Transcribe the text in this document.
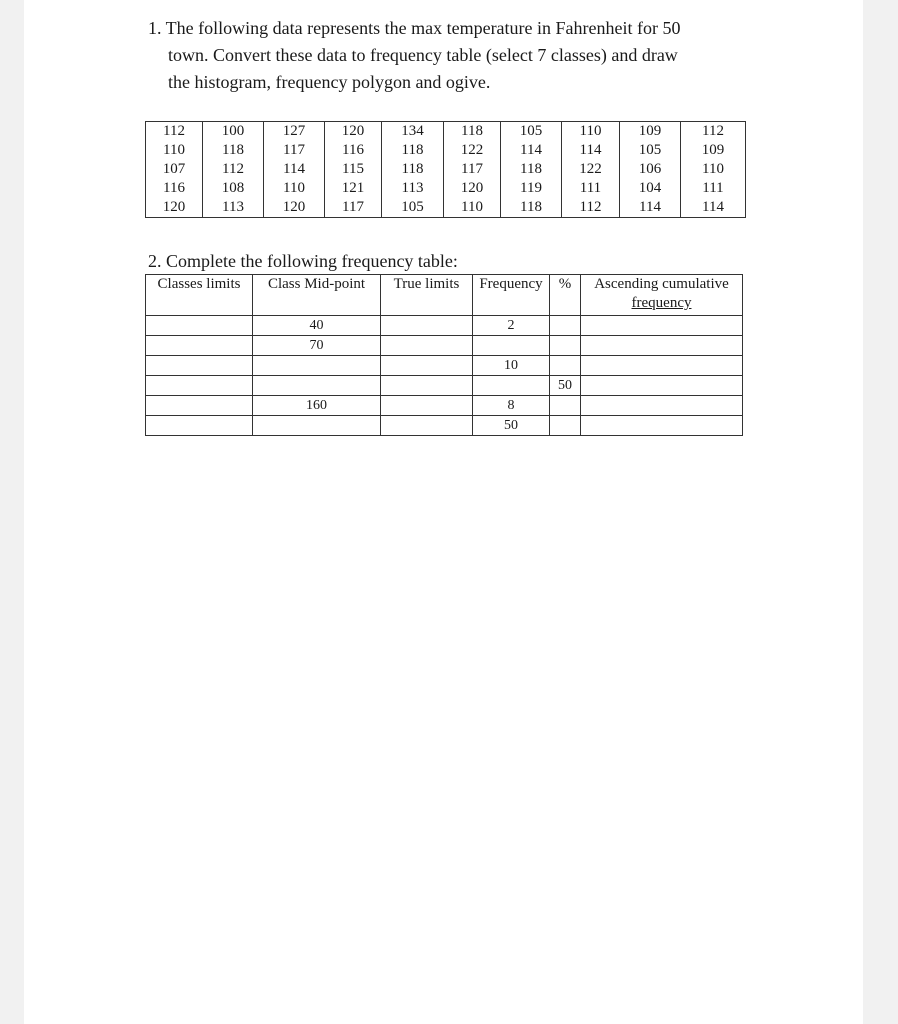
1. The following data represents the max temperature in Fahrenheit for 50
town. Convert these data to frequency table (select 7 classes) and draw
the histogram, frequency polygon and ogive.
112	100	127	120	134	118	105	110	109	112
110	118	117	116	118	122	114	114	105	109
107	112	114	115	118	117	118	122	106	110
116	108	110	121	113	120	119	111	104	111
120	113	120	117	105	110	118	112	114	114
2. Complete the following frequency table:
Classes limits	Class Mid-point	True limits	Frequency	%	Ascending cumulative
frequency

	40		2		
	70				
			10		
				50	
	160		8		
			50		
